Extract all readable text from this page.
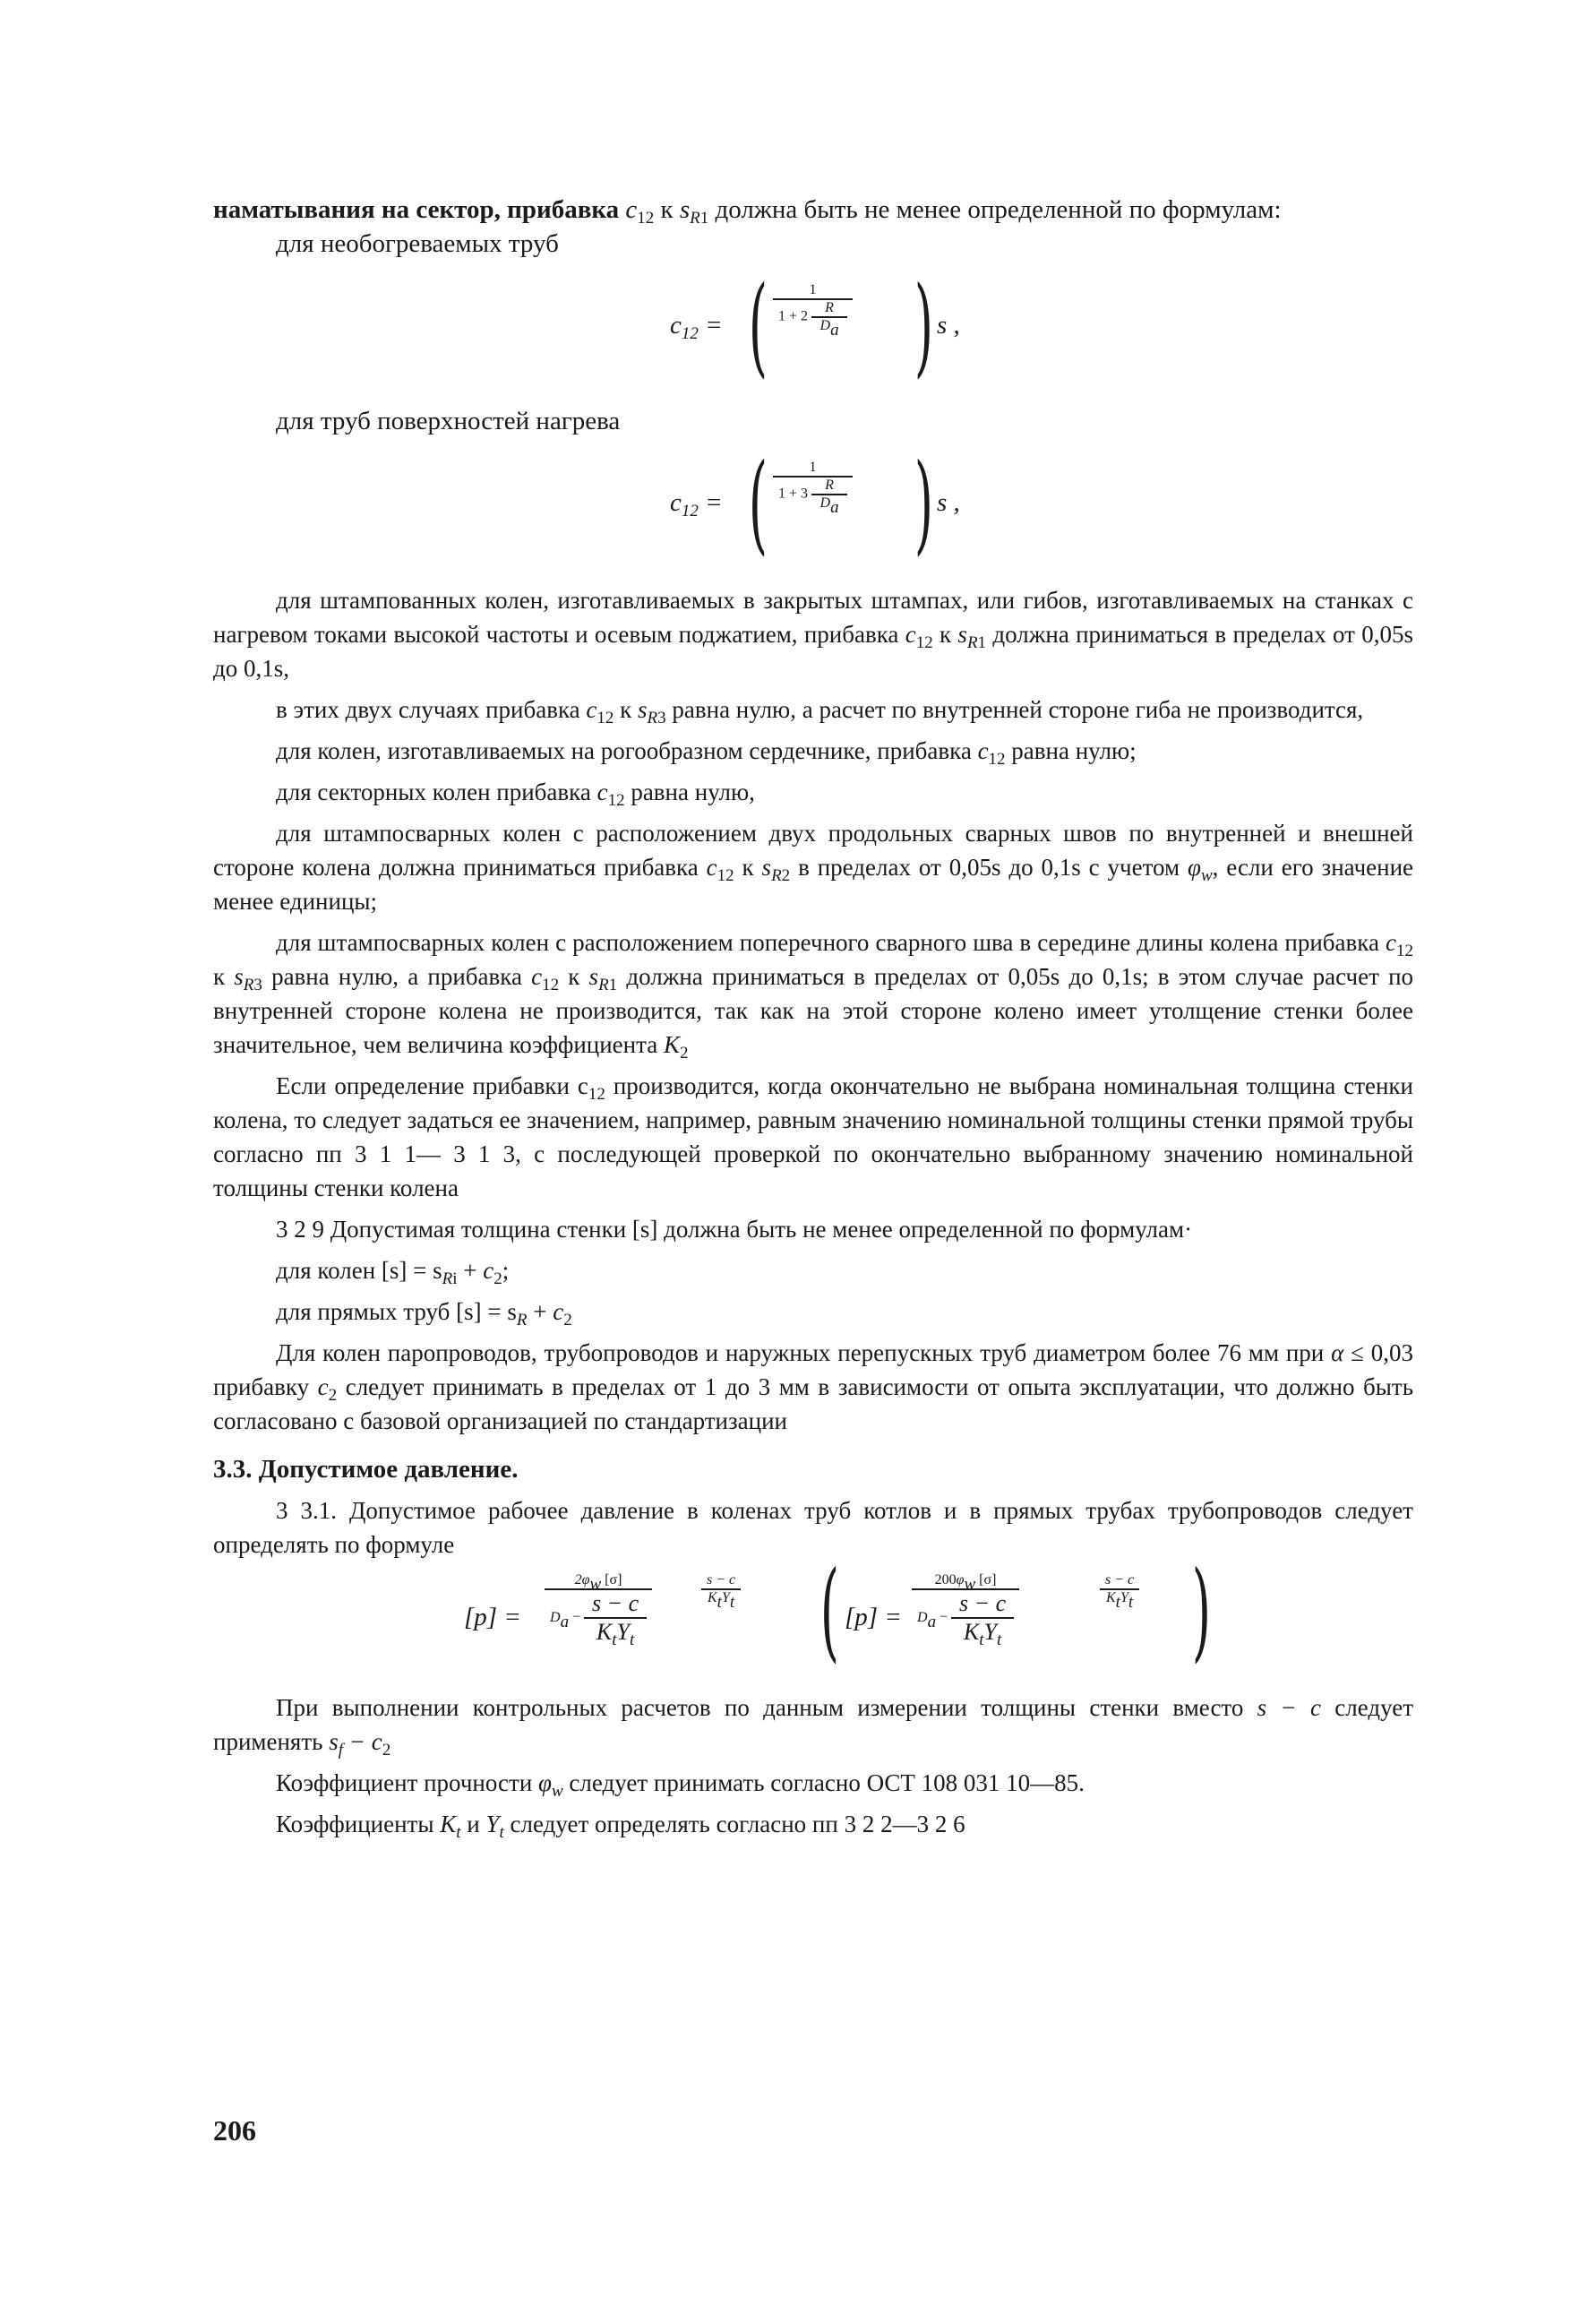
наматывания на сектор, прибавка $c_{12}$ к $s_{R1}$ должна быть не менее определенной по формулам:

для необогреваемых труб

$c_{12}$ = (	1
$1 + 2 \frac{R}{D_a}$ ) s ,

для труб поверхностей нагрева

$c_{12}$ = (	1
$1 + 3 \frac{R}{D_a}$ ) s ,

для штампованных колен, изготавливаемых в закрытых штампах, или гибов, изготавливаемых на станках с нагревом токами высокой частоты и осевым поджатием, прибавка $c_{12}$ к $s_{R1}$ должна приниматься в пределах от 0,05s до 0,1s,

в этих двух случаях прибавка $c_{12}$ к $s_{R3}$ равна нулю, а расчет по внутренней стороне гиба не производится,

для колен, изготавливаемых на рогообразном сердечнике, прибавка $c_{12}$ равна нулю;

для секторных колен прибавка $c_{12}$ равна нулю,

для штампосварных колен с расположением двух продольных сварных швов по внутренней и внешней стороне колена должна приниматься прибавка $c_{12}$ к $s_{R2}$ в пределах от 0,05s до 0,1s с учетом $\varphi_w$, если его значение менее единицы;

для штампосварных колен с расположением поперечного сварного шва в середине длины колена прибавка $c_{12}$ к $s_{R3}$ равна нулю, а прибавка $c_{12}$ к $s_{R1}$ должна приниматься в пределах от 0,05s до 0,1s; в этом случае расчет по внутренней стороне колена не производится, так как на этой стороне колено имеет утолщение стенки более значительное, чем величина коэффициента $K_2$

Если определение прибавки $c_{12}$ производится, когда окончательно не выбрана номинальная толщина стенки колена, то следует задаться ее значением, например, равным значению номинальной толщины стенки прямой трубы согласно пп 3 1 1— 3 1 3, с последующей проверкой по окончательно выбранному значению номинальной толщины стенки колена

3 2 9 Допустимая толщина стенки [s] должна быть не менее определенной по формулам·

для колен $[s] = s_{Ri} + c_2$;

для прямых труб $[s] = s_R + c_2$

Для колен паропроводов, трубопроводов и наружных перепускных труб диаметром более 76 мм при α ≤ 0,03 прибавку $c_2$ следует принимать в пределах от 1 до 3 мм в зависимости от опыта эксплуатации, что должно быть согласовано с базовой организацией по стандартизации

3.3. Допустимое давление.

3 3.1. Допустимое рабочее давление в коленах труб котлов и в прямых трубах трубопроводов следует определять по формуле

[p] =
$2\varphi_w$ [σ]
$D_a$ −
s − c
$K_tY_t$
s − c
$K_tY_t$ ( [p] =
$200\varphi_w$ [σ]
$D_a$ −
s − c
$K_tY_t$
s − c
$K_tY_t$ )

При выполнении контрольных расчетов по данным измерении толщины стенки вместо s − c следует применять $s_f - c_2$

Коэффициент прочности $\varphi_w$ следует принимать согласно ОСТ 108 031 10—85.

Коэффициенты $K_t$ и $Y_t$ следует определять согласно пп 3 2 2—3 2 6

206
